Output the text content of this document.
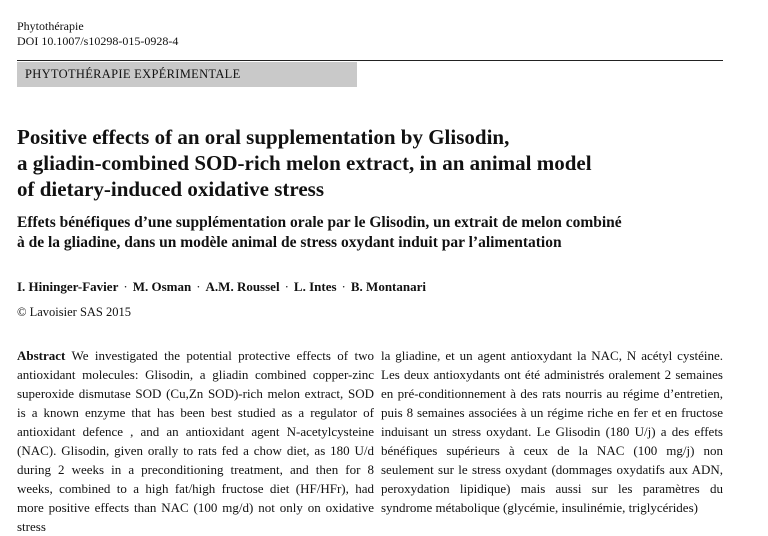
Phytothérapie
DOI 10.1007/s10298-015-0928-4
PHYTOTHÉRAPIE EXPÉRIMENTALE
Positive effects of an oral supplementation by Glisodin,
a gliadin-combined SOD-rich melon extract, in an animal model
of dietary-induced oxidative stress
Effets bénéfiques d’une supplémentation orale par le Glisodin, un extrait de melon combiné
à de la gliadine, dans un modèle animal de stress oxydant induit par l’alimentation
I. Hininger-Favier · M. Osman · A.M. Roussel · L. Intes · B. Montanari
© Lavoisier SAS 2015

Abstract We investigated the potential protective effects of two antioxidant molecules: Glisodin, a gliadin combined copper-zinc superoxide dismutase SOD (Cu,Zn SOD)-rich melon extract, SOD is a known enzyme that has been best studied as a regulator of antioxidant defence , and an antioxidant agent N-acetylcysteine (NAC). Glisodin, given orally to rats fed a chow diet, as 180 U/d during 2 weeks in a preconditioning treatment, and then for 8 weeks, combined to a high fat/high fructose diet (HF/HFr), had more positive effects than NAC (100 mg/d) not only on oxidative stress

la gliadine, et un agent antioxydant la NAC, N acétyl cystéine. Les deux antioxydants ont été administrés oralement 2 semaines en pré-conditionnement à des rats nourris au régime d’entretien, puis 8 semaines associées à un régime riche en fer et en fructose induisant un stress oxydant. Le Glisodin (180 U/j) a des effets bénéfiques supérieurs à ceux de la NAC (100 mg/j) non seulement sur le stress oxydant (dommages oxydatifs aux ADN, peroxydation lipidique) mais aussi sur les paramètres du syndrome métabolique (glycémie, insulinémie, triglycérides)
